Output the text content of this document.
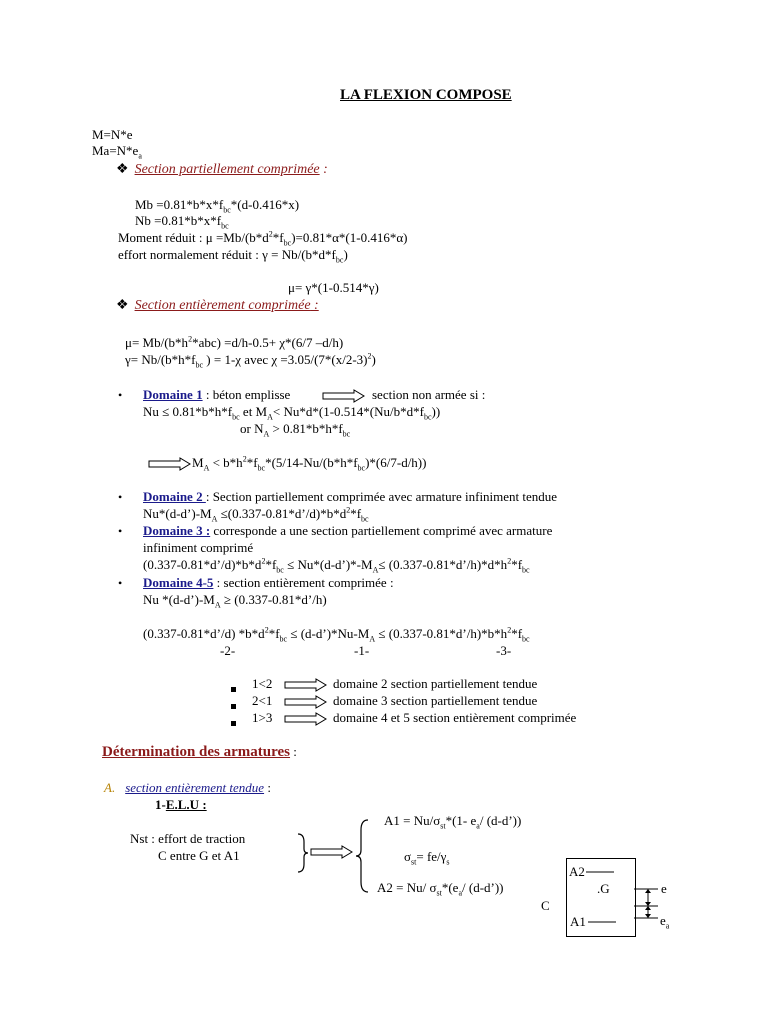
LA FLEXION COMPOSE
M=N*e
$Ma=N*e_a$
❖ Section partiellement comprimée :
$Mb =0.81*b*x*f_{bc}*(d-0.416*x)$
$Nb =0.81*b*x*f_{bc}$
Moment réduit : $\mu =Mb/(b*d^2*f_{bc})=0.81*\alpha*(1-0.416*\alpha)$
effort normalement réduit : $\gamma = Nb/(b*d*f_{bc})$
μ= γ*(1-0.514*γ)
❖ Section entièrement comprimée :
$\mu= Mb/(b*h^2*abc) =d/h-0.5+ \chi*(6/7$ –d/h)
$\gamma= Nb/(b*h*f_{bc}$ ) = 1-χ avec $\chi =3.05/(7*(x/2-3)^2)$
• Domaine 1 : béton emplisse	section non armée si :
$Nu \le 0.81*b*h*f_{bc}$ et $M_A< Nu*d*(1-0.514*(Nu/b*d*f_{bc}))$
or $N_A > 0.81*b*h*f_{bc}$
$M_A < b*h^2*f_{bc}*(5/14-Nu/(b*h*f_{bc})*(6/7-d/h))$
• Domaine 2 : Section partiellement comprimée avec armature infiniment tendue
$Nu*(d-d’)-M_A$ $\le(0.337-0.81*d’/d)*b*d^2*f_{bc}$
• Domaine 3 : corresponde a une section partiellement comprimé avec armature
infiniment comprimé
$(0.337-0.81*d’/d)*b*d^2*f_{bc}$ ≤ $Nu*(d-d’)*-M_A\le$ $(0.337-0.81*d’/h)*d*h^2*f_{bc}$
• Domaine 4-5 : section entièrement comprimée :
Nu $*(d-d’)-M_A$ ≥ (0.337-0.81*d’/h)
(0.337-0.81*d’/d) $*b*d^2*f_{bc}$ ≤ $(d-d’)*Nu-M_A$ ≤ $(0.337-0.81*d’/h)*b*h^2*f_{bc}$
-2-	-1-	-3-
1<2	domaine 2 section partiellement tendue
2<1	domaine 3 section partiellement tendue
1>3	domaine 4 et 5 section entièrement comprimée
Détermination des armatures :
A. section entièrement tendue :
1-E.L.U :
Nst : effort de traction
C entre G et A1
$A1 = Nu/\sigma_{st}*(1-$ $e_a/$ (d-d’))
$\sigma_{st}= fe/\gamma_s$
A2 = Nu/ $\sigma_{st}*(e_a/$ (d-d’))
C
A2
.G
A1
e
$e_a$
